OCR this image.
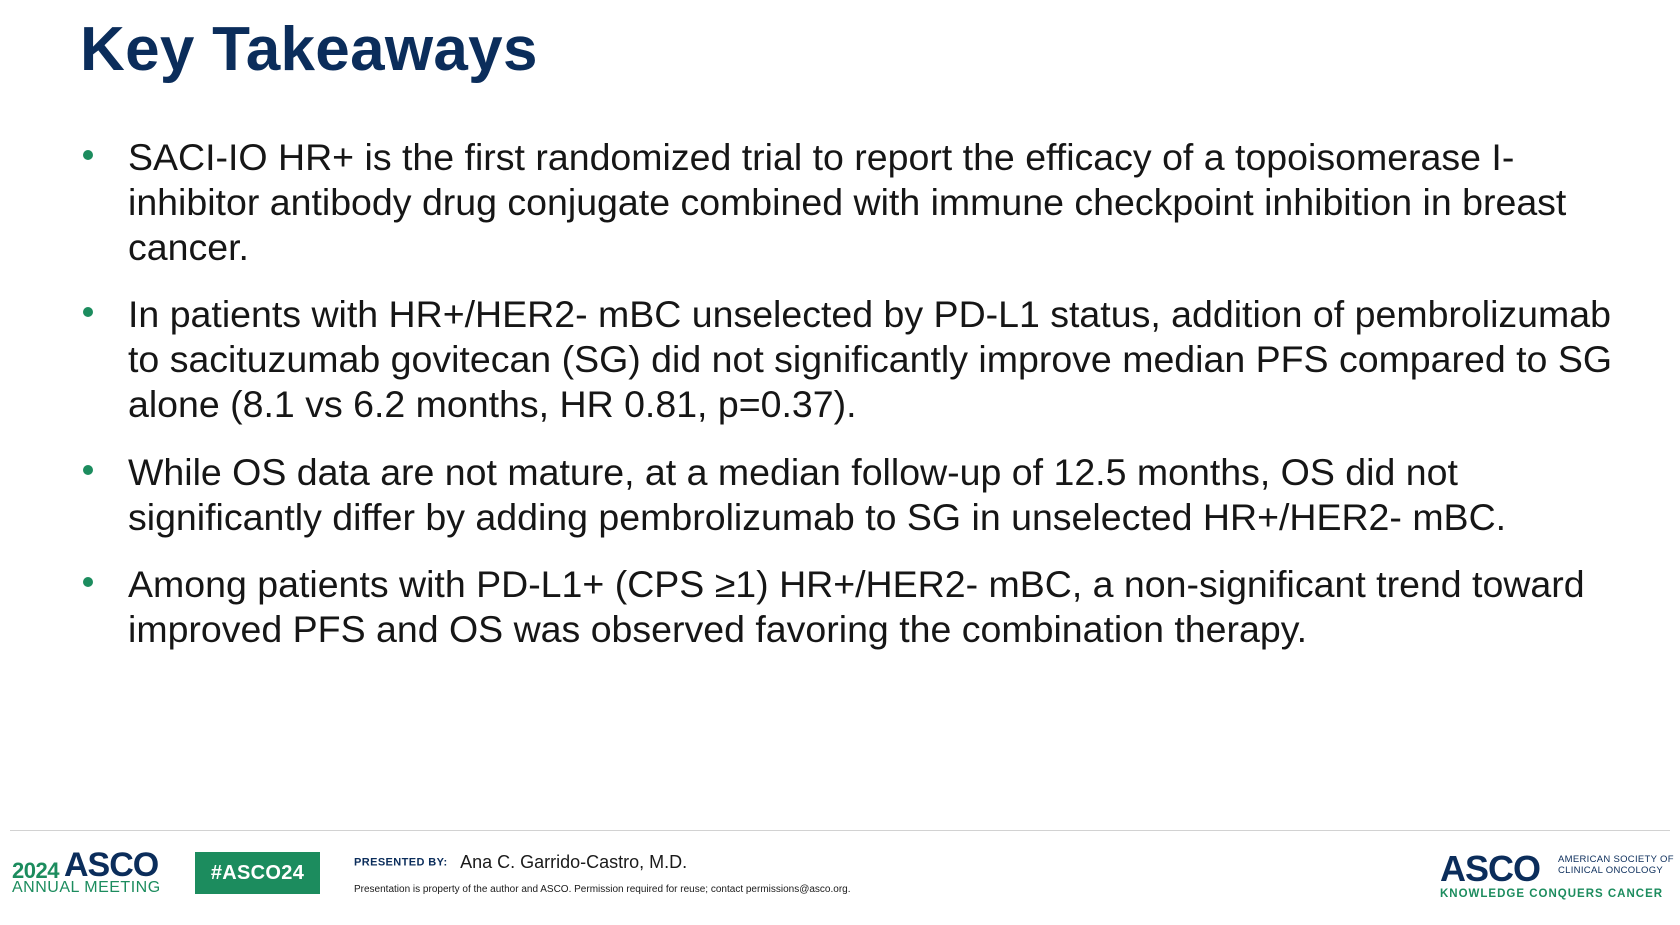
Key Takeaways
SACI-IO HR+ is the first randomized trial to report the efficacy of a topoisomerase I-inhibitor antibody drug conjugate combined with immune checkpoint inhibition in breast cancer.
In patients with HR+/HER2- mBC unselected by PD-L1 status, addition of pembrolizumab to sacituzumab govitecan (SG) did not significantly improve median PFS compared to SG alone (8.1 vs 6.2 months, HR 0.81, p=0.37).
While OS data are not mature, at a median follow-up of 12.5 months, OS did not significantly differ by adding pembrolizumab to SG in unselected HR+/HER2- mBC.
Among patients with PD-L1+ (CPS ≥1) HR+/HER2- mBC, a non-significant trend toward improved PFS and OS was observed favoring the combination therapy.
2024 ASCO
ANNUAL MEETING
#ASCO24	PRESENTED BY: Ana C. Garrido-Castro, M.D.
Presentation is property of the author and ASCO. Permission required for reuse; contact permissions@asco.org.
ASCO AMERICAN SOCIETY OF
CLINICAL ONCOLOGY
KNOWLEDGE CONQUERS CANCER
